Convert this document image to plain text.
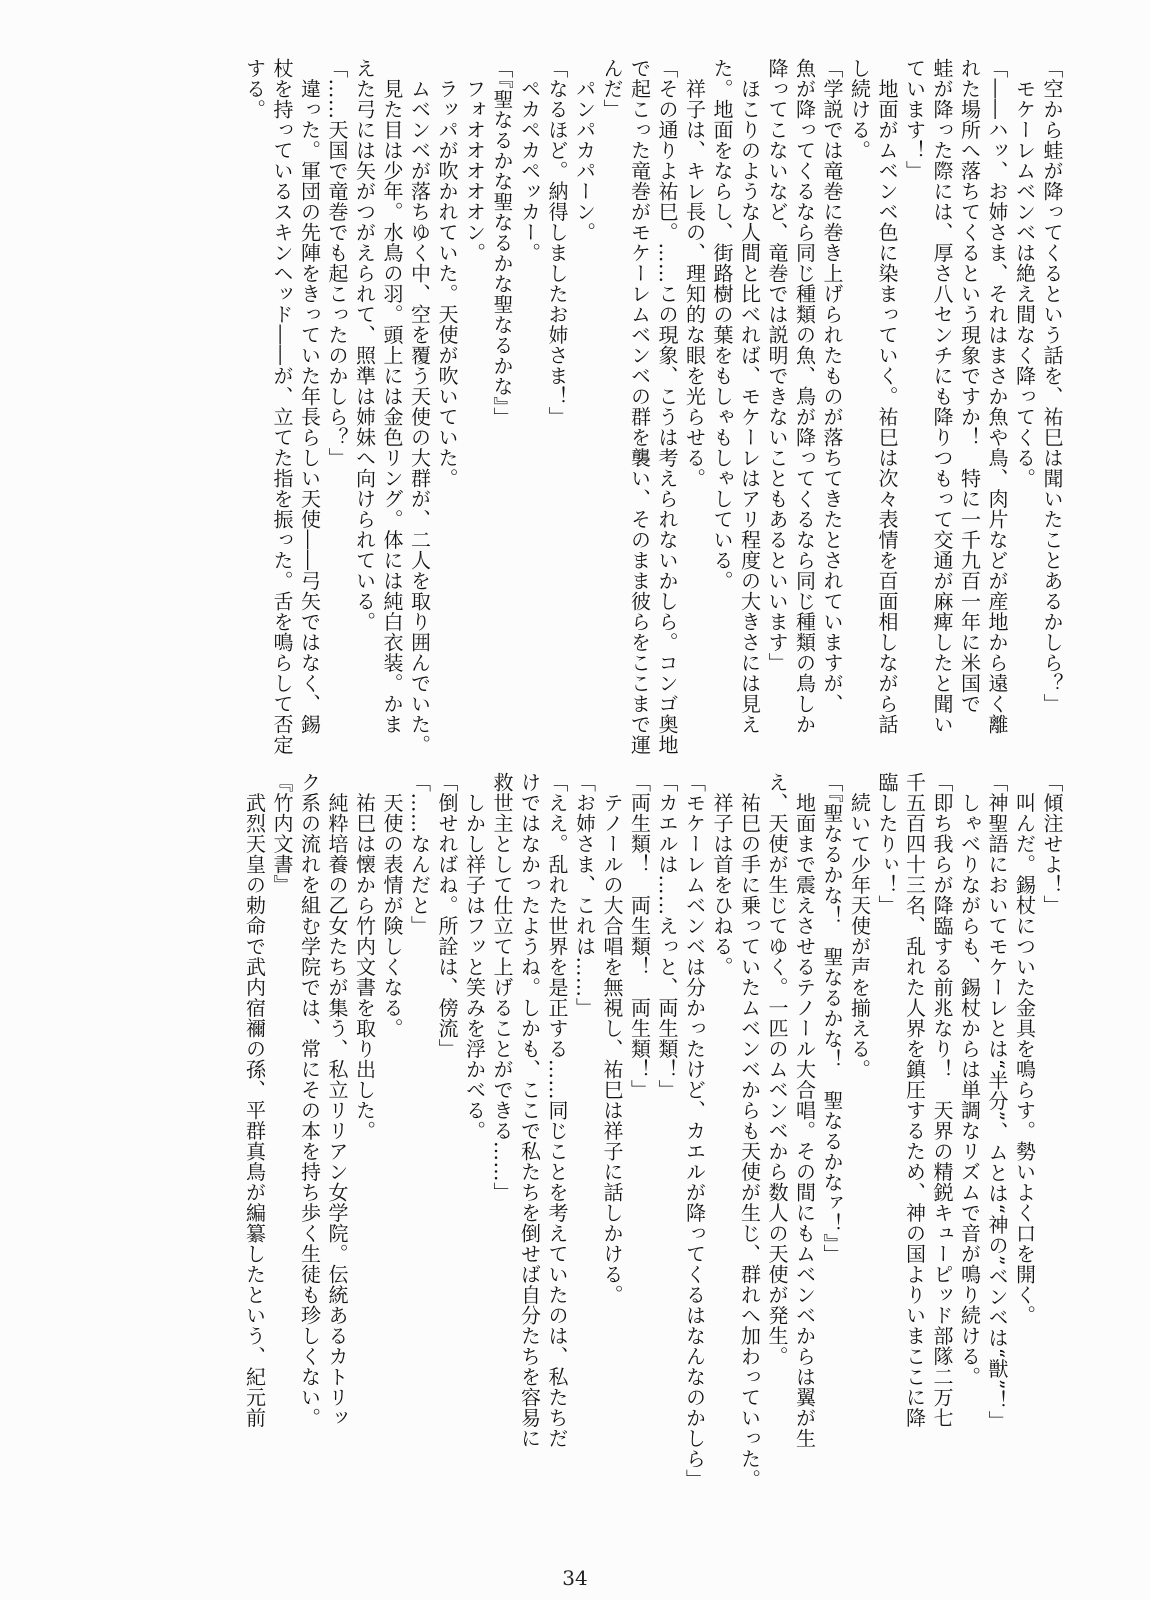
「空から蛙が降ってくるという話を、祐巳は聞いたことあるかしら？」
　モケーレムベンベは絶え間なく降ってくる。
「――ハッ、お姉さま、それはまさか魚や鳥、肉片などが産地から遠く離
れた場所へ落ちてくるという現象ですか！　特に一千九百一年に米国で
蛙が降った際には、厚さ八センチにも降りつもって交通が麻痺したと聞い
ています！」
　地面がムベンベ色に染まっていく。祐巳は次々表情を百面相しながら話
し続ける。
「学説では竜巻に巻き上げられたものが落ちてきたとされていますが、
魚が降ってくるなら同じ種類の魚、鳥が降ってくるなら同じ種類の鳥しか
降ってこないなど、竜巻では説明できないこともあるといいます」
　ほこりのような人間と比べれば、モケーレはアリ程度の大きさには見え
た。地面をならし、街路樹の葉をもしゃもしゃしている。
　祥子は、キレ長の、理知的な眼を光らせる。
「その通りよ祐巳。……この現象、こうは考えられないかしら。コンゴ奥地
で起こった竜巻がモケーレムベンベの群を襲い、そのまま彼らをここまで運
んだ」
　パンパカパーン。
「なるほど。納得しましたお姉さま！」
　ペカペカペッカー。
「『聖なるかな聖なるかな聖なるかな』」
　フォオオオオオン。
　ラッパが吹かれていた。天使が吹いていた。
　ムベンベが落ちゆく中、空を覆う天使の大群が、二人を取り囲んでいた。
　見た目は少年。水鳥の羽。頭上には金色リング。体には純白衣装。かま
えた弓には矢がつがえられて、照準は姉妹へ向けられている。
「……天国で竜巻でも起こったのかしら？」
　違った。軍団の先陣をきっていた年長らしい天使――弓矢ではなく、錫
杖を持っているスキンヘッド――が、立てた指を振った。舌を鳴らして否定
する。
「傾注せよ！」
　叫んだ。錫杖についた金具を鳴らす。勢いよく口を開く。
「神聖語においてモケーレとは“半分”、ムとは“神の”ベンベは“獣”！」
　しゃべりながらも、錫杖からは単調なリズムで音が鳴り続ける。
「即ち我らが降臨する前兆なり！　天界の精鋭キューピッド部隊二万七
千五百四十三名、乱れた人界を鎮圧するため、神の国よりいまここに降
臨したりぃ！」
　続いて少年天使が声を揃える。
「『聖なるかな！　聖なるかな！　聖なるかなァ！』」
　地面まで震えさせるテノール大合唱。その間にもムベンベからは翼が生
え、天使が生じてゆく。一匹のムベンベから数人の天使が発生。
　祐巳の手に乗っていたムベンベからも天使が生じ、群れへ加わっていった。
　祥子は首をひねる。
「モケーレムベンベは分かったけど、カエルが降ってくるはなんなのかしら」
「カエルは……えっと、両生類！」
「両生類！　両生類！　両生類！」
　テノールの大合唱を無視し、祐巳は祥子に話しかける。
「お姉さま、これは……」
「ええ。乱れた世界を是正する……同じことを考えていたのは、私たちだ
けではなかったようね。しかも、ここで私たちを倒せば自分たちを容易に
救世主として仕立て上げることができる……」
　しかし祥子はフッと笑みを浮かべる。
「倒せればね。所詮は、傍流」
「……なんだと」
　天使の表情が険しくなる。
　祐巳は懐から竹内文書を取り出した。
　純粋培養の乙女たちが集う、私立リリアン女学院。伝統あるカトリッ
ク系の流れを組む学院では、常にその本を持ち歩く生徒も珍しくない。
『竹内文書』
　武烈天皇の勅命で武内宿禰の孫、平群真鳥が編纂したという、紀元前
34
